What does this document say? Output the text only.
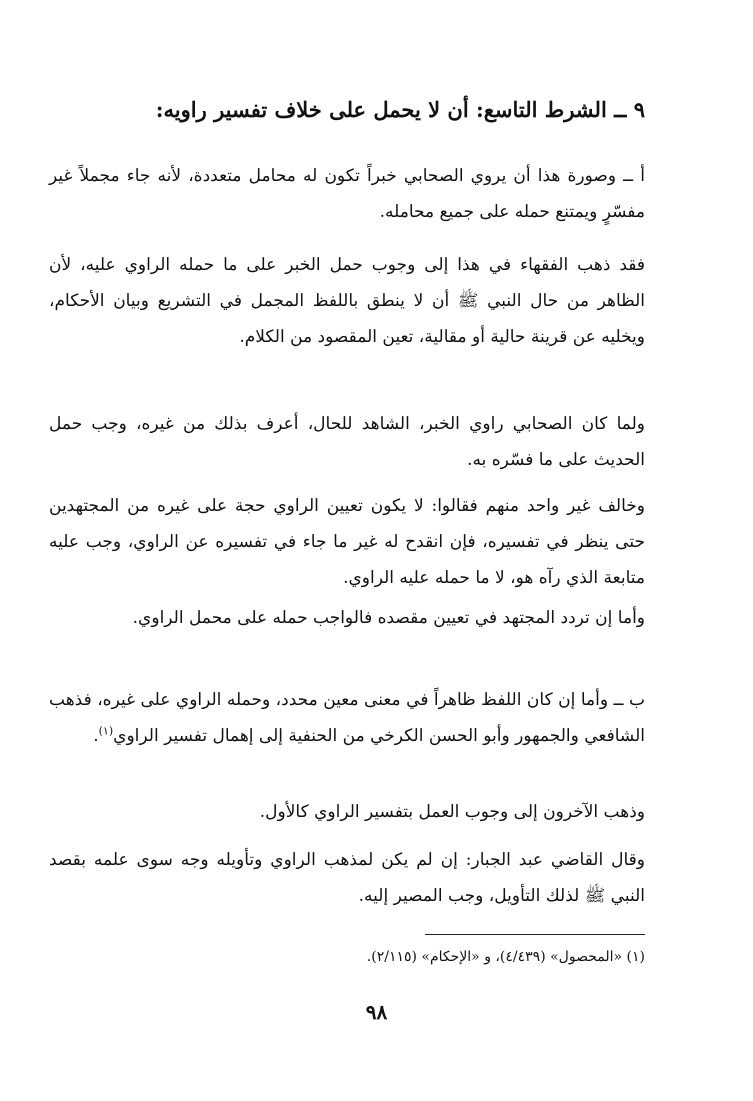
٩ ــ الشرط التاسع: أن لا يحمل على خلاف تفسير راويه:
أ ــ وصورة هذا أن يروي الصحابي خبراً تكون له محامل متعددة، لأنه جاء مجملاً غير مفسّرٍ ويمتنع حمله على جميع محامله.
فقد ذهب الفقهاء في هذا إلى وجوب حمل الخبر على ما حمله الراوي عليه، لأن الظاهر من حال النبي ﷺ أن لا ينطق باللفظ المجمل في التشريع وبيان الأحكام، ويخليه عن قرينة حالية أو مقالية، تعين المقصود من الكلام.
ولما كان الصحابي راوي الخبر، الشاهد للحال، أعرف بذلك من غيره، وجب حمل الحديث على ما فسّره به.
وخالف غير واحد منهم فقالوا: لا يكون تعيين الراوي حجة على غيره من المجتهدين حتى ينظر في تفسيره، فإن انقدح له غير ما جاء في تفسيره عن الراوي، وجب عليه متابعة الذي رآه هو، لا ما حمله عليه الراوي.
وأما إن تردد المجتهد في تعيين مقصده فالواجب حمله على محمل الراوي.
ب ــ وأما إن كان اللفظ ظاهراً في معنى معين محدد، وحمله الراوي على غيره، فذهب الشافعي والجمهور وأبو الحسن الكرخي من الحنفية إلى إهمال تفسير الراوي$^{(١)}$.
وذهب الآخرون إلى وجوب العمل بتفسير الراوي كالأول.
وقال القاضي عبد الجبار: إن لم يكن لمذهب الراوي وتأويله وجه سوى علمه بقصد النبي ﷺ لذلك التأويل، وجب المصير إليه.
(١) «المحصول» (٤/٤٣٩)، و «الإحكام» (٢/١١٥).
٩٨
